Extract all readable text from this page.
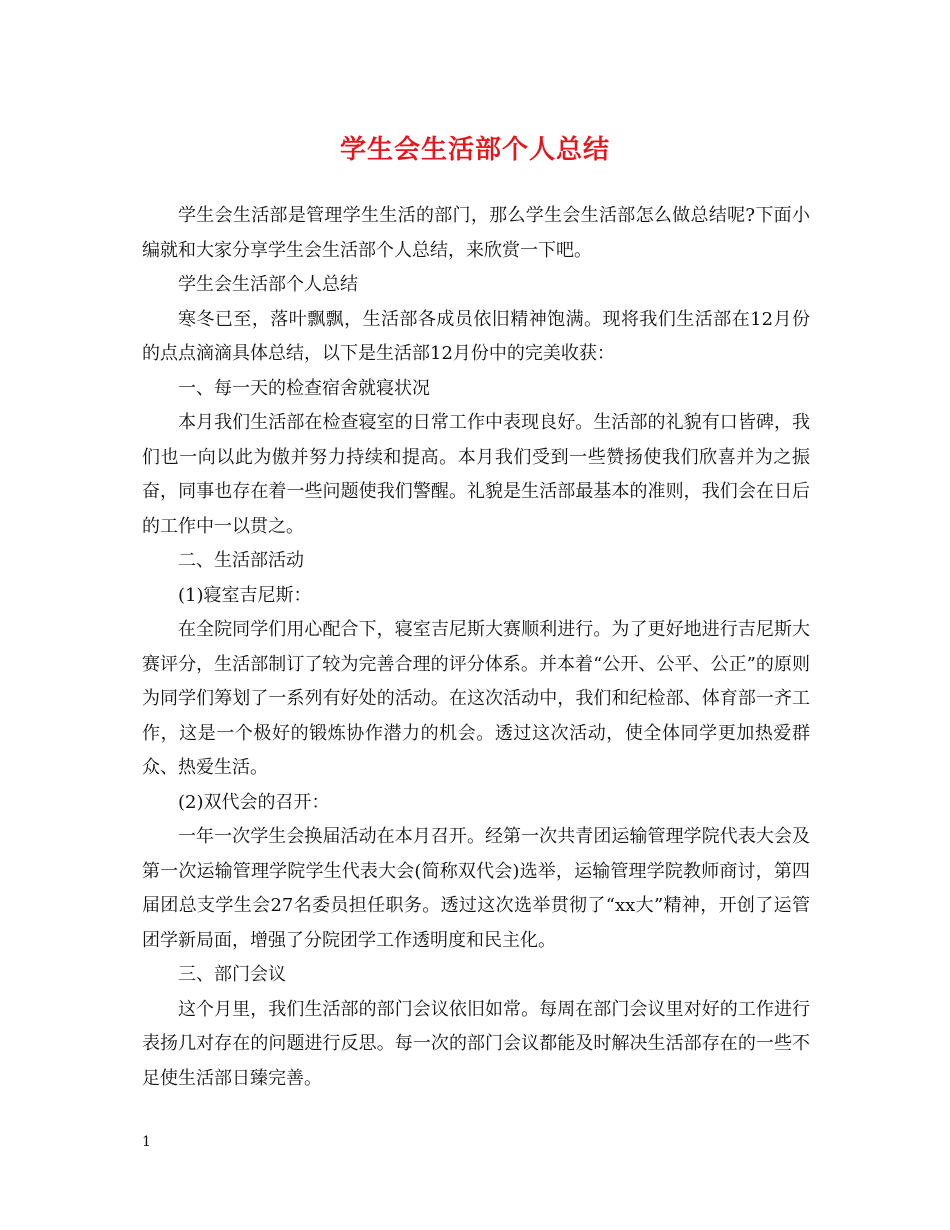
学生会生活部个人总结

学生会生活部是管理学生生活的部门，那么学生会生活部怎么做总结呢?下面小编就和大家分享学生会生活部个人总结，来欣赏一下吧。

学生会生活部个人总结

寒冬已至，落叶飘飘，生活部各成员依旧精神饱满。现将我们生活部在12月份的点点滴滴具体总结，以下是生活部12月份中的完美收获：

一、每一天的检查宿舍就寝状况

本月我们生活部在检查寝室的日常工作中表现良好。生活部的礼貌有口皆碑，我们也一向以此为傲并努力持续和提高。本月我们受到一些赞扬使我们欣喜并为之振奋，同事也存在着一些问题使我们警醒。礼貌是生活部最基本的准则，我们会在日后的工作中一以贯之。

二、生活部活动

(1)寝室吉尼斯：

在全院同学们用心配合下，寝室吉尼斯大赛顺利进行。为了更好地进行吉尼斯大赛评分，生活部制订了较为完善合理的评分体系。并本着“公开、公平、公正”的原则为同学们筹划了一系列有好处的活动。在这次活动中，我们和纪检部、体育部一齐工作，这是一个极好的锻炼协作潜力的机会。透过这次活动，使全体同学更加热爱群众、热爱生活。

(2)双代会的召开：

一年一次学生会换届活动在本月召开。经第一次共青团运输管理学院代表大会及第一次运输管理学院学生代表大会(简称双代会)选举，运输管理学院教师商讨，第四届团总支学生会27名委员担任职务。透过这次选举贯彻了“xx大”精神，开创了运管团学新局面，增强了分院团学工作透明度和民主化。

三、部门会议

这个月里，我们生活部的部门会议依旧如常。每周在部门会议里对好的工作进行表扬几对存在的问题进行反思。每一次的部门会议都能及时解决生活部存在的一些不足使生活部日臻完善。

1
